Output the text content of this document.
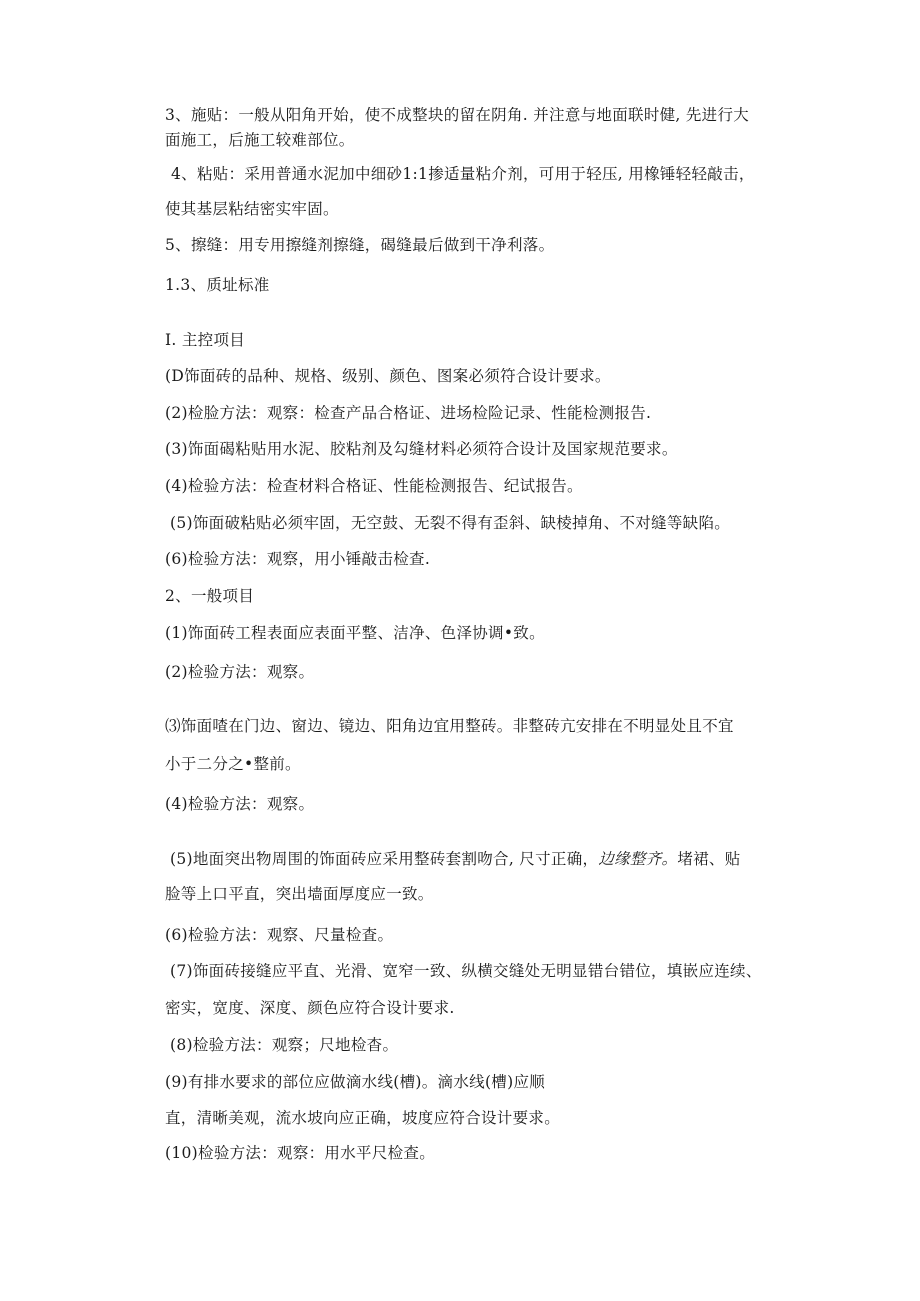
3、施贴：一般从阳角开始，使不成整块的留在阴角. 并注意与地面联时健, 先进行大
面施工，后施工较难部位。
4、粘贴：采用普通水泥加中细砂1:1掺适量粘介剂，可用于轻压, 用橡锤轻轻敲击，
使其基层粘结密实牢固。
5、擦缝：用专用擦缝剂擦缝，碣缝最后做到干净利落。
1.3、质址标准
I. 主控项目
(D饰面砖的品种、规格、级别、颜色、图案必须符合设计要求。
(2)检脸方法：观察：检查产品合格证、进场检险记录、性能检测报告.
(3)饰面碣粘贴用水泥、胶粘剂及勾缝材料必须符合设计及国家规范要求。
(4)检验方法：检查材料合格证、性能检测报告、纪试报告。
(5)饰面破粘贴必须牢固，无空鼓、无裂不得有歪斜、缺棱掉角、不对缝等缺陷。
(6)检验方法：观察，用小锤敲击检查.
2、一般项目
(1)饰面砖工程表面应表面平整、洁净、色泽协调•致。
(2)检验方法：观察。
⑶饰面喳在门边、窗边、镜边、阳角边宜用整砖。非整砖亢安排在不明显处且不宜
小于二分之•整前。
(4)检验方法：观察。
(5)地面突出物周围的饰面砖应采用整砖套割吻合, 尺寸正确，边缘整齐。堵裙、贴
脸等上口平直，突出墙面厚度应一致。
(6)检验方法：观察、尺量检査。
(7)饰面砖接缝应平直、光滑、宽窄一致、纵横交缝处无明显错台错位，填嵌应连续、
密实，宽度、深度、颜色应符合设计要求.
(8)检验方法：观察；尺地检杳。
(9)有排水要求的部位应做滴水线(槽)。滴水线(槽)应顺
直，清晰美观，流水坡向应正确，坡度应符合设计要求。
(10)检验方法：观察：用水平尺检查。
